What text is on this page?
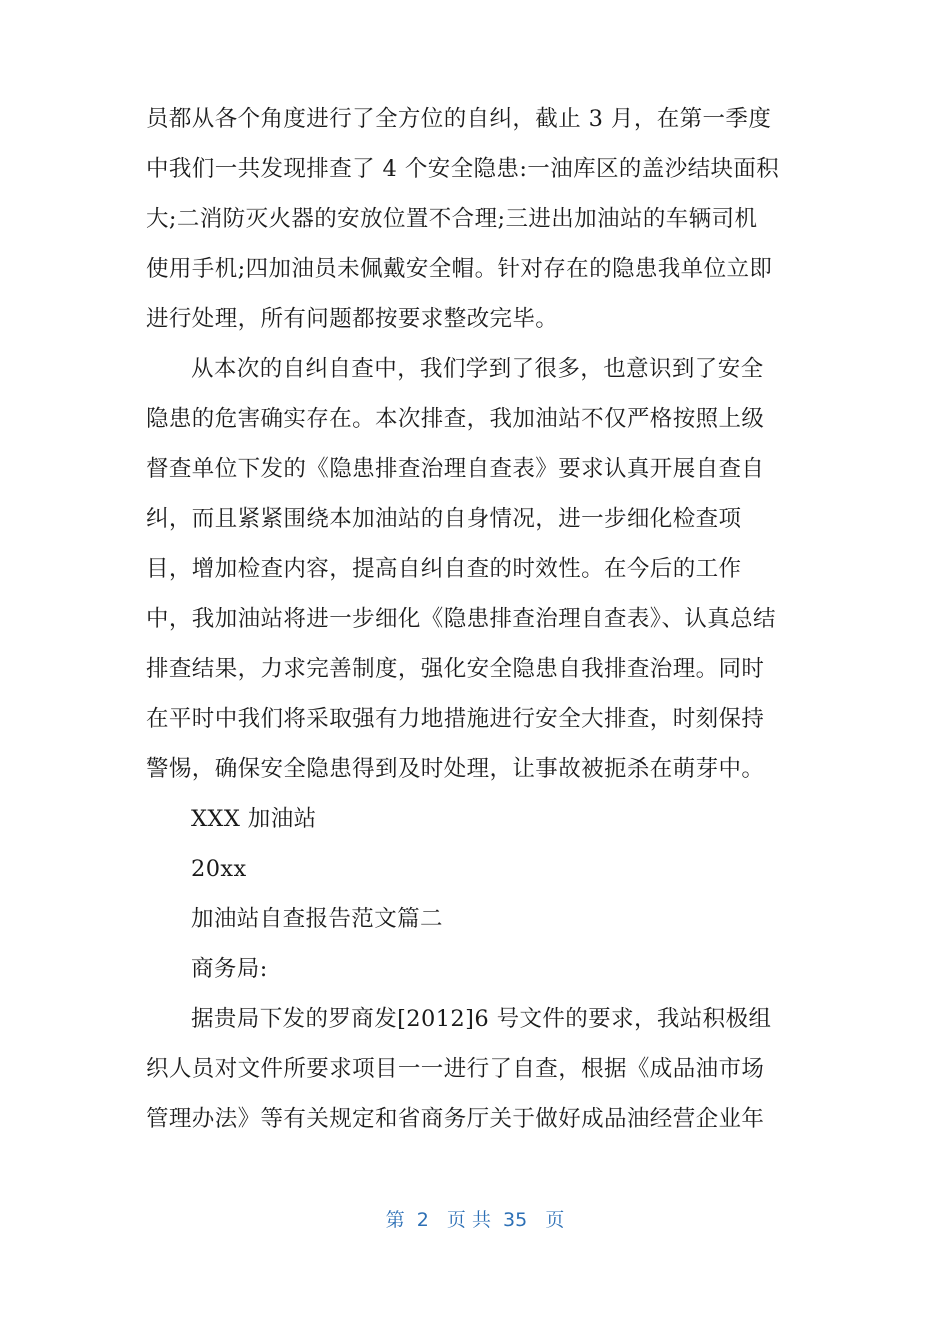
员都从各个角度进行了全方位的自纠，截止 3 月，在第一季度
中我们一共发现排查了 4 个安全隐患:一油库区的盖沙结块面积
大;二消防灭火器的安放位置不合理;三进出加油站的车辆司机
使用手机;四加油员未佩戴安全帽。针对存在的隐患我单位立即
进行处理，所有问题都按要求整改完毕。
从本次的自纠自查中，我们学到了很多，也意识到了安全
隐患的危害确实存在。本次排查，我加油站不仅严格按照上级
督查单位下发的《隐患排查治理自查表》要求认真开展自查自
纠，而且紧紧围绕本加油站的自身情况，进一步细化检查项
目，增加检查内容，提高自纠自查的时效性。在今后的工作
中，我加油站将进一步细化《隐患排查治理自查表》、认真总结
排查结果，力求完善制度，强化安全隐患自我排查治理。同时
在平时中我们将采取强有力地措施进行安全大排查，时刻保持
警惕，确保安全隐患得到及时处理，让事故被扼杀在萌芽中。
XXX 加油站
20xx
加油站自查报告范文篇二
商务局:
据贵局下发的罗商发[2012]6 号文件的要求，我站积极组
织人员对文件所要求项目一一进行了自查，根据《成品油市场
管理办法》等有关规定和省商务厅关于做好成品油经营企业年
第  2   页 共  35   页
